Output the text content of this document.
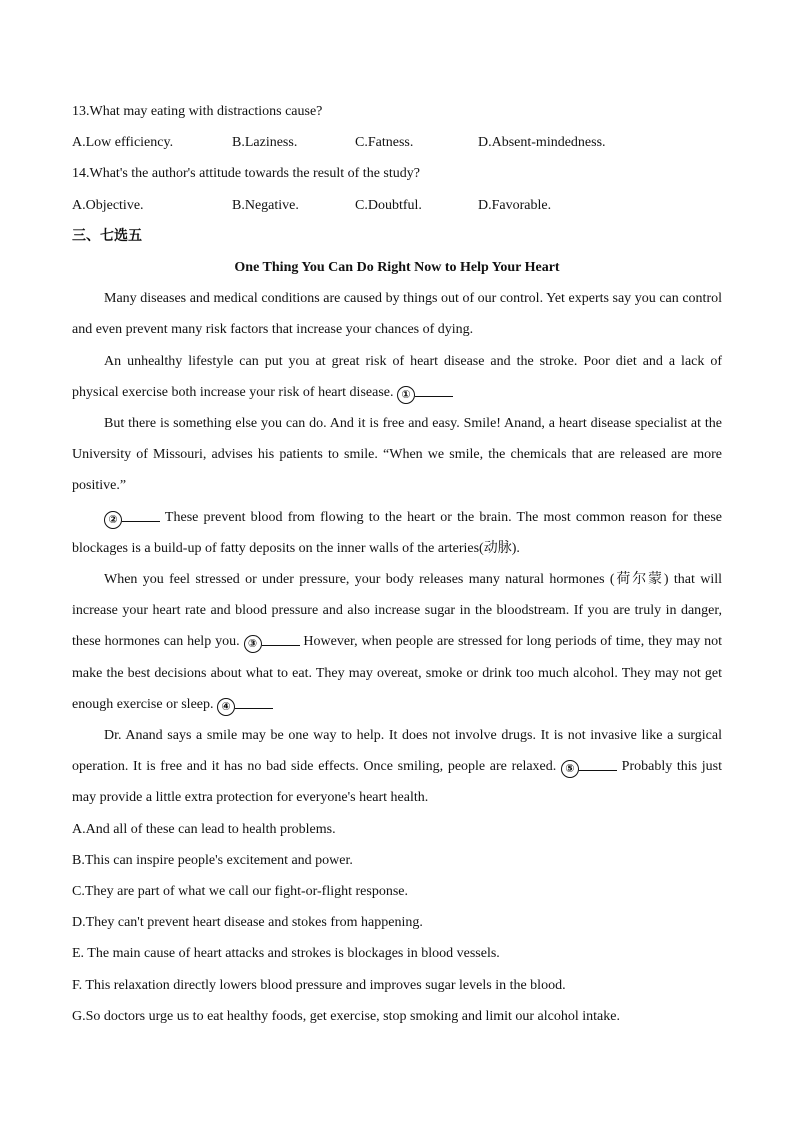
13.What may eating with distractions cause?
A.Low efficiency.	B.Laziness.	C.Fatness.	D.Absent-mindedness.
14.What's the author's attitude towards the result of the study?
A.Objective.	B.Negative.	C.Doubtful.	D.Favorable.
三、七选五
One Thing You Can Do Right Now to Help Your Heart

Many diseases and medical conditions are caused by things out of our control. Yet experts say you can control and even prevent many risk factors that increase your chances of dying.

An unhealthy lifestyle can put you at great risk of heart disease and the stroke. Poor diet and a lack of physical exercise both increase your risk of heart disease. ①

But there is something else you can do. And it is free and easy. Smile! Anand, a heart disease specialist at the University of Missouri, advises his patients to smile. “When we smile, the chemicals that are released are more positive.”

②	These prevent blood from flowing to the heart or the brain. The most common reason for these blockages is a build-up of fatty deposits on the inner walls of the arteries(动脉).

When you feel stressed or under pressure, your body releases many natural hormones (荷尔蒙) that will increase your heart rate and blood pressure and also increase sugar in the bloodstream. If you are truly in danger, these hormones can help you. ③	However, when people are stressed for long periods of time, they may not make the best decisions about what to eat. They may overeat, smoke or drink too much alcohol. They may not get enough exercise or sleep. ④

Dr. Anand says a smile may be one way to help. It does not involve drugs. It is not invasive like a surgical operation. It is free and it has no bad side effects. Once smiling, people are relaxed. ⑤	Probably this just may provide a little extra protection for everyone's heart health.

A.And all of these can lead to health problems.
B.This can inspire people's excitement and power.
C.They are part of what we call our fight-or-flight response.
D.They can't prevent heart disease and stokes from happening.
E. The main cause of heart attacks and strokes is blockages in blood vessels.
F. This relaxation directly lowers blood pressure and improves sugar levels in the blood.
G.So doctors urge us to eat healthy foods, get exercise, stop smoking and limit our alcohol intake.
